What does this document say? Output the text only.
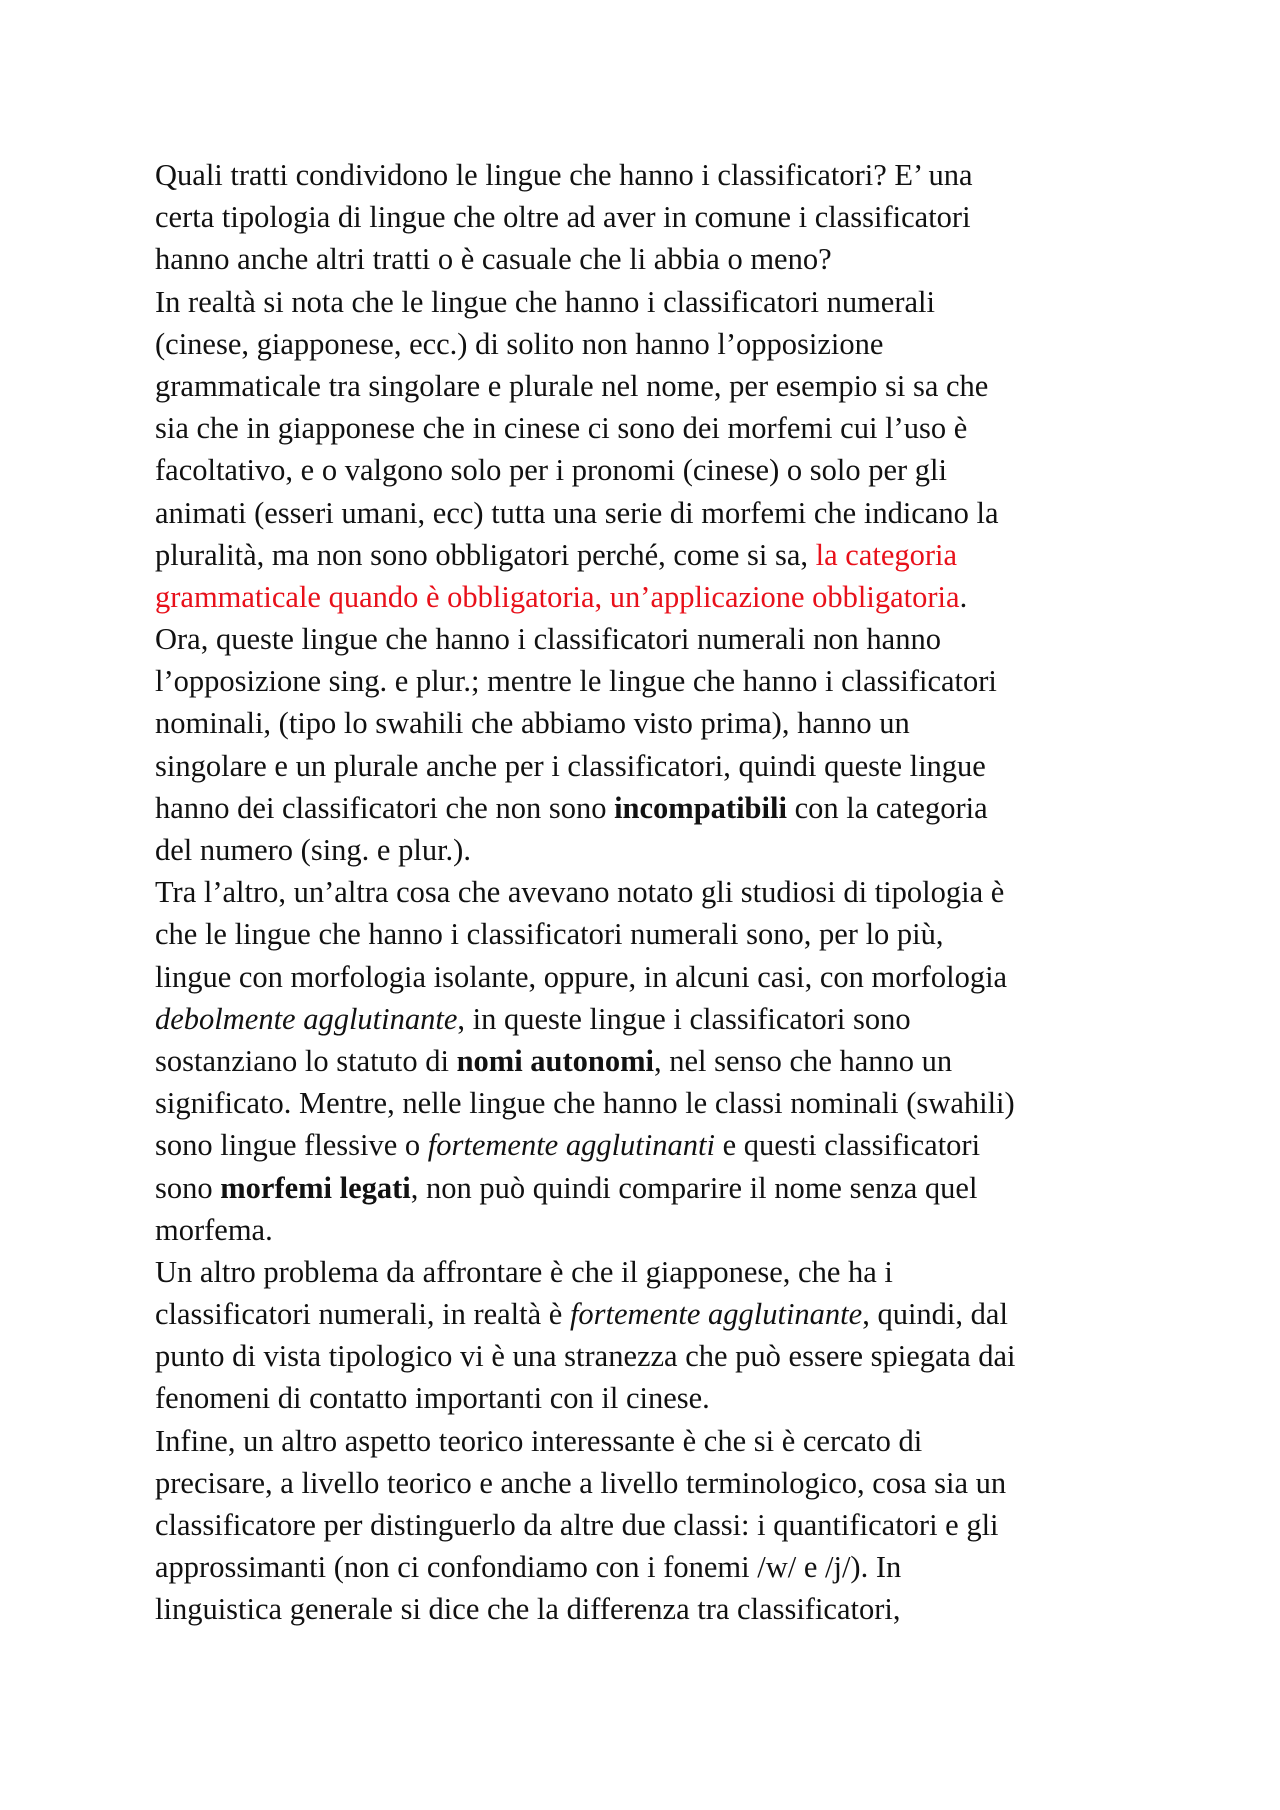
Quali tratti condividono le lingue che hanno i classificatori? E’ una
certa tipologia di lingue che oltre ad aver in comune i classificatori
hanno anche altri tratti o è casuale che li abbia o meno?
In realtà si nota che le lingue che hanno i classificatori numerali
(cinese, giapponese, ecc.) di solito non hanno l’opposizione
grammaticale tra singolare e plurale nel nome, per esempio si sa che
sia che in giapponese che in cinese ci sono dei morfemi cui l’uso è
facoltativo, e o valgono solo per i pronomi (cinese) o solo per gli
animati (esseri umani, ecc) tutta una serie di morfemi che indicano la
pluralità, ma non sono obbligatori perché, come si sa, la categoria
grammaticale quando è obbligatoria, un’applicazione obbligatoria.
Ora, queste lingue che hanno i classificatori numerali non hanno
l’opposizione sing. e plur.; mentre le lingue che hanno i classificatori
nominali, (tipo lo swahili che abbiamo visto prima), hanno un
singolare e un plurale anche per i classificatori, quindi queste lingue
hanno dei classificatori che non sono incompatibili con la categoria
del numero (sing. e plur.).
Tra l’altro, un’altra cosa che avevano notato gli studiosi di tipologia è
che le lingue che hanno i classificatori numerali sono, per lo più,
lingue con morfologia isolante, oppure, in alcuni casi, con morfologia
debolmente agglutinante, in queste lingue i classificatori sono
sostanziano lo statuto di nomi autonomi, nel senso che hanno un
significato. Mentre, nelle lingue che hanno le classi nominali (swahili)
sono lingue flessive o fortemente agglutinanti e questi classificatori
sono morfemi legati, non può quindi comparire il nome senza quel
morfema.
Un altro problema da affrontare è che il giapponese, che ha i
classificatori numerali, in realtà è fortemente agglutinante, quindi, dal
punto di vista tipologico vi è una stranezza che può essere spiegata dai
fenomeni di contatto importanti con il cinese.
Infine, un altro aspetto teorico interessante è che si è cercato di
precisare, a livello teorico e anche a livello terminologico, cosa sia un
classificatore per distinguerlo da altre due classi: i quantificatori e gli
approssimanti (non ci confondiamo con i fonemi /w/ e /j/). In
linguistica generale si dice che la differenza tra classificatori,
